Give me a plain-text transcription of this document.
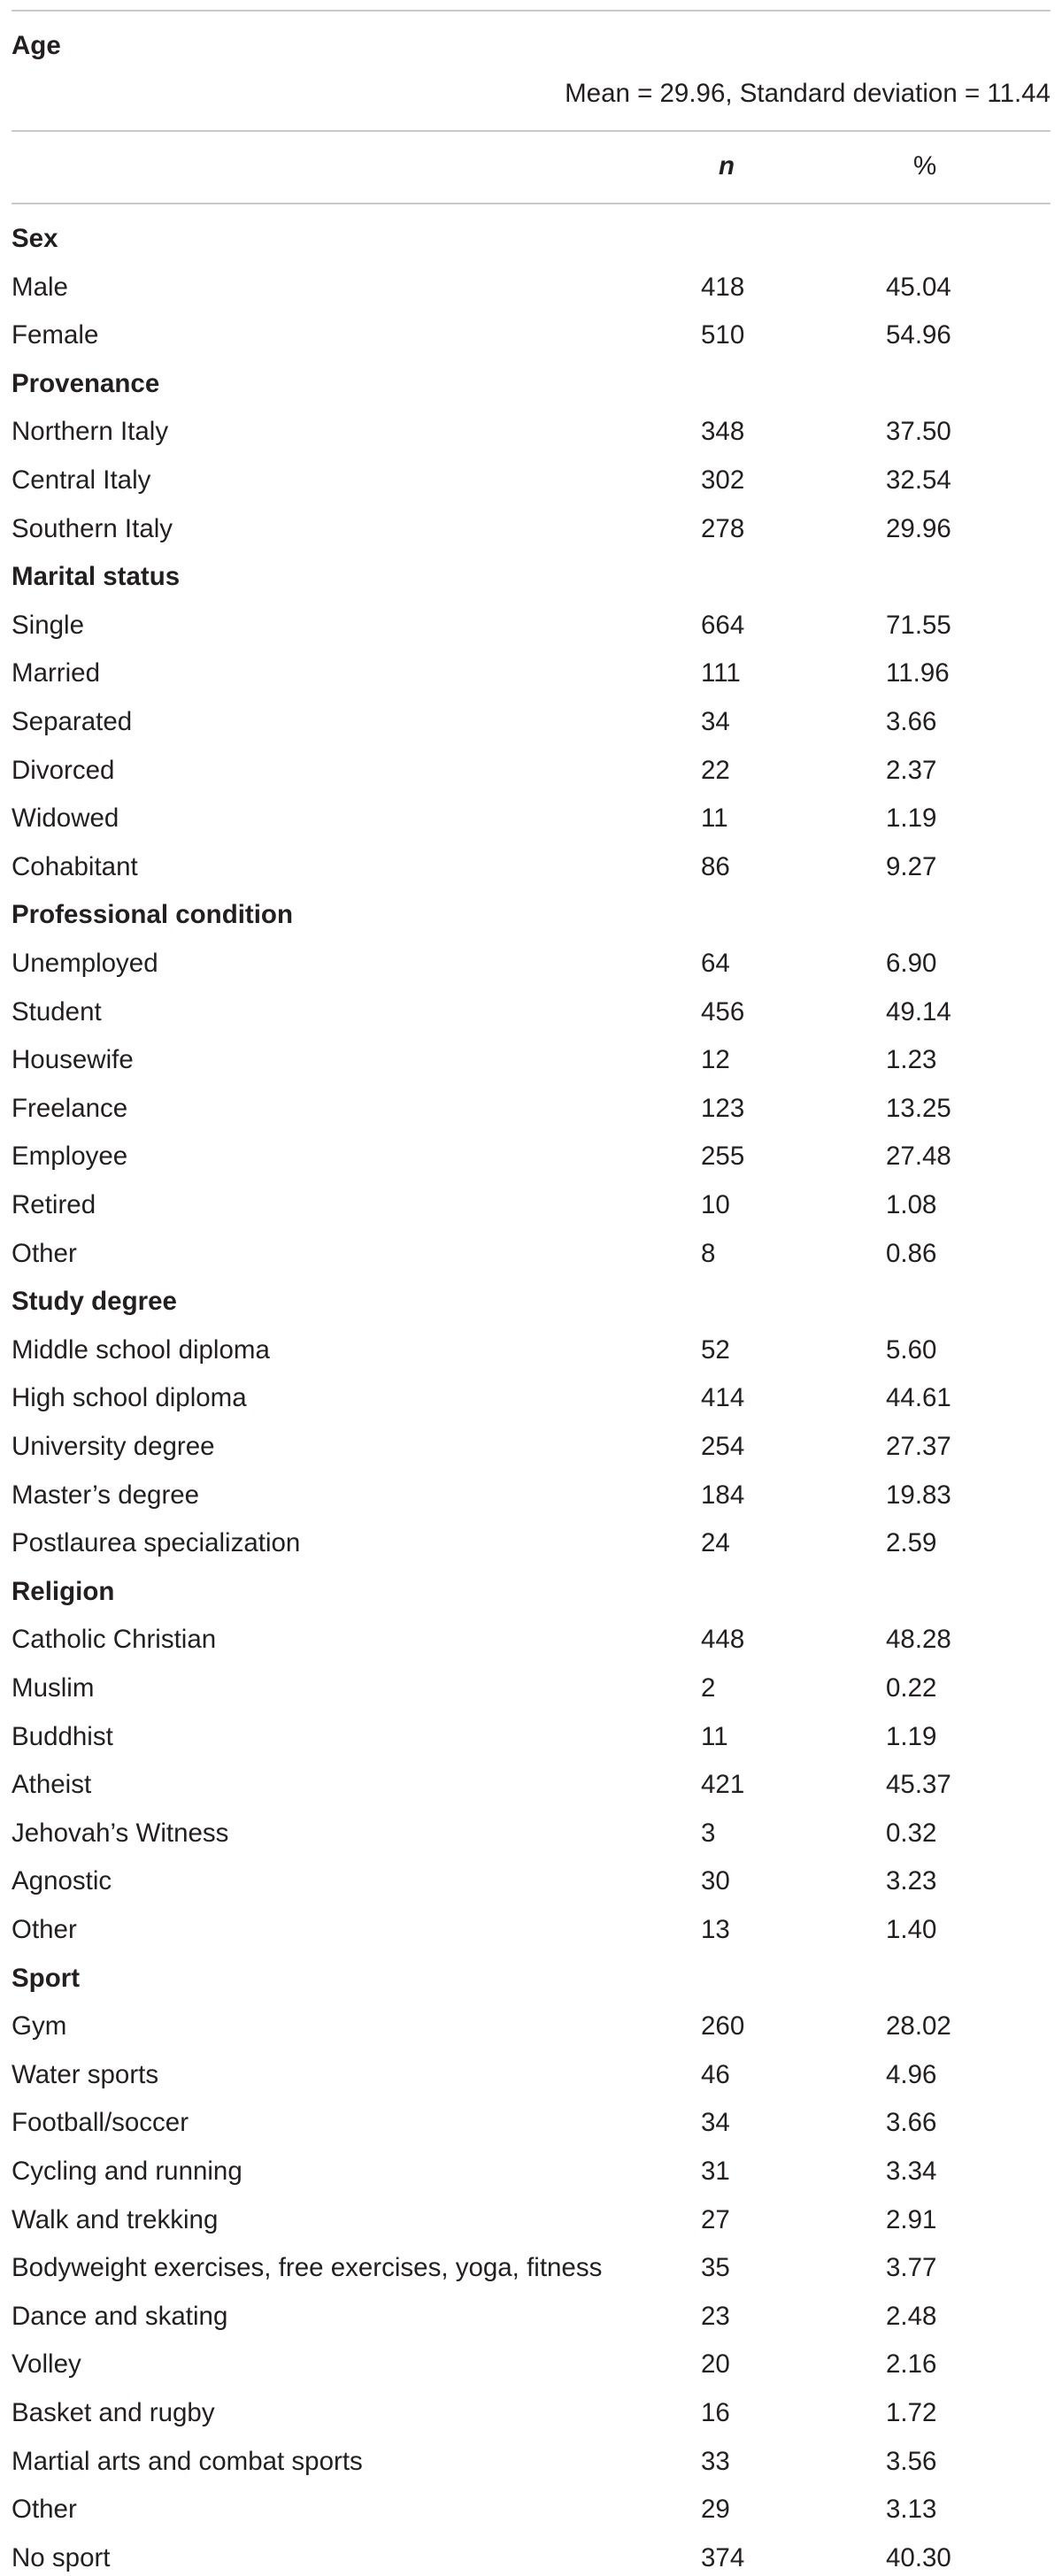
Age
Mean = 29.96, Standard deviation = 11.44
n	%
Sex
Male	418	45.04
Female	510	54.96
Provenance
Northern Italy	348	37.50
Central Italy	302	32.54
Southern Italy	278	29.96
Marital status
Single	664	71.55
Married	111	11.96
Separated	34	3.66
Divorced	22	2.37
Widowed	11	1.19
Cohabitant	86	9.27
Professional condition
Unemployed	64	6.90
Student	456	49.14
Housewife	12	1.23
Freelance	123	13.25
Employee	255	27.48
Retired	10	1.08
Other	8	0.86
Study degree
Middle school diploma	52	5.60
High school diploma	414	44.61
University degree	254	27.37
Master’s degree	184	19.83
Postlaurea specialization	24	2.59
Religion
Catholic Christian	448	48.28
Muslim	2	0.22
Buddhist	11	1.19
Atheist	421	45.37
Jehovah’s Witness	3	0.32
Agnostic	30	3.23
Other	13	1.40
Sport
Gym	260	28.02
Water sports	46	4.96
Football/soccer	34	3.66
Cycling and running	31	3.34
Walk and trekking	27	2.91
Bodyweight exercises, free exercises, yoga, fitness	35	3.77
Dance and skating	23	2.48
Volley	20	2.16
Basket and rugby	16	1.72
Martial arts and combat sports	33	3.56
Other	29	3.13
No sport	374	40.30
